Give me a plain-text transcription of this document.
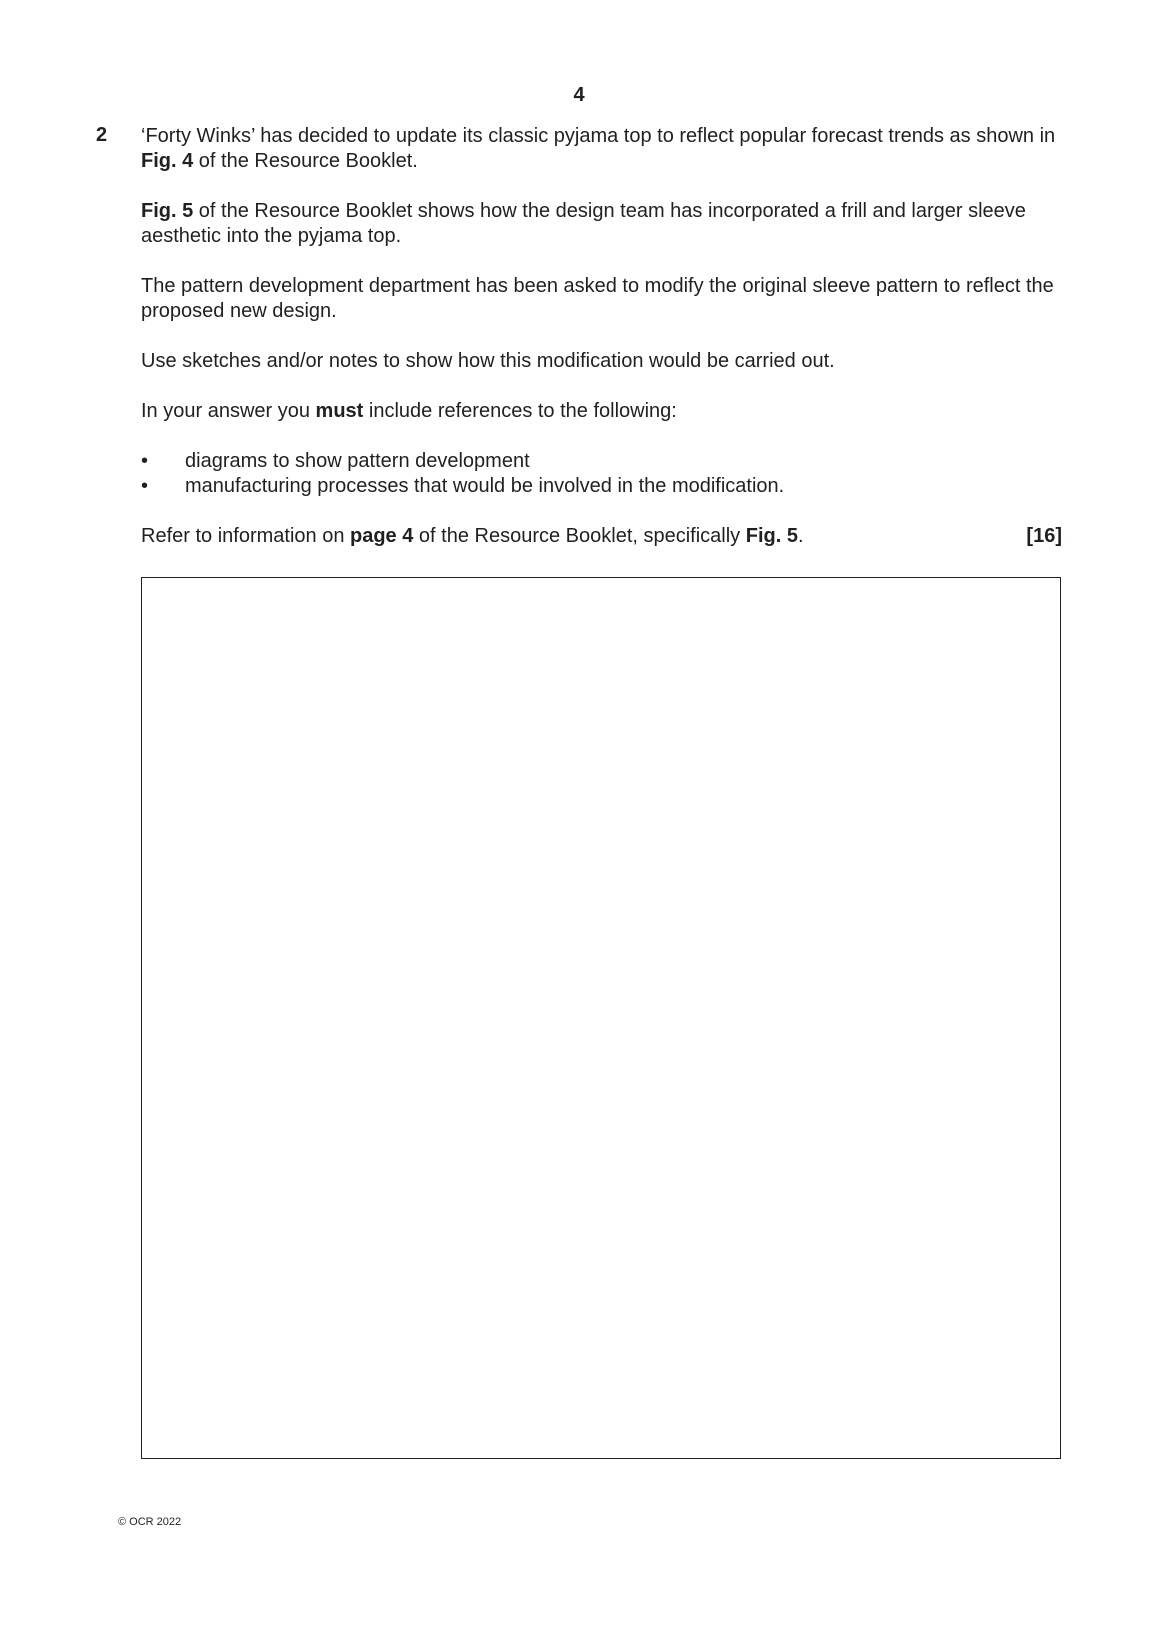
4
2 ‘Forty Winks’ has decided to update its classic pyjama top to reflect popular forecast trends as shown in Fig. 4 of the Resource Booklet.

Fig. 5 of the Resource Booklet shows how the design team has incorporated a frill and larger sleeve aesthetic into the pyjama top.

The pattern development department has been asked to modify the original sleeve pattern to reflect the proposed new design.

Use sketches and/or notes to show how this modification would be carried out.

In your answer you must include references to the following:

• diagrams to show pattern development
• manufacturing processes that would be involved in the modification.

Refer to information on page 4 of the Resource Booklet, specifically Fig. 5.	[16]

© OCR 2022
